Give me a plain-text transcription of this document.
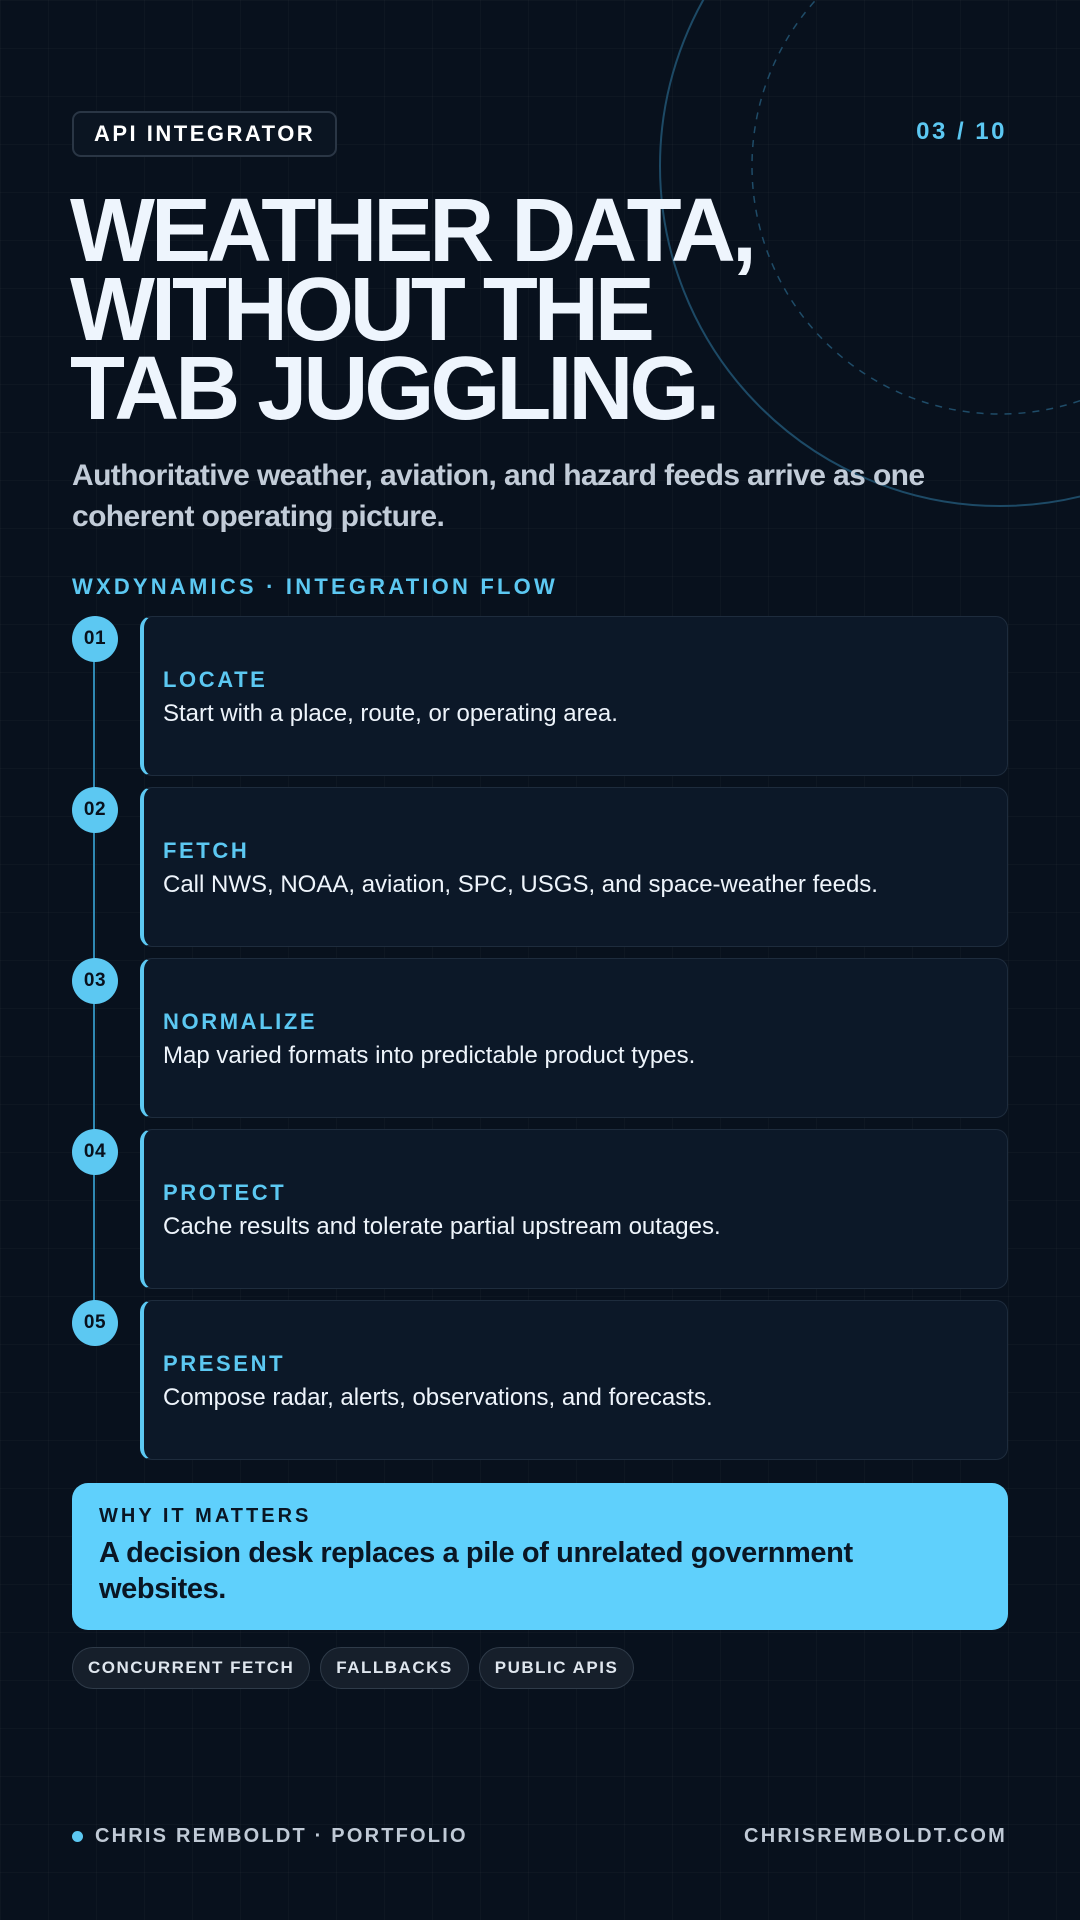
API INTEGRATOR	03 / 10
WEATHER DATA,
WITHOUT THE
TAB JUGGLING.

Authoritative weather, aviation, and hazard feeds arrive as one coherent operating picture.

WXDYNAMICS · INTEGRATION FLOW
01
LOCATE
Start with a place, route, or operating area.
02
FETCH
Call NWS, NOAA, aviation, SPC, USGS, and space-weather feeds.
03
NORMALIZE
Map varied formats into predictable product types.
04
PROTECT
Cache results and tolerate partial upstream outages.
05
PRESENT
Compose radar, alerts, observations, and forecasts.
WHY IT MATTERS
A decision desk replaces a pile of unrelated government websites.
CONCURRENT FETCH	FALLBACKS	PUBLIC APIS
CHRIS REMBOLDT · PORTFOLIO	CHRISREMBOLDT.COM
